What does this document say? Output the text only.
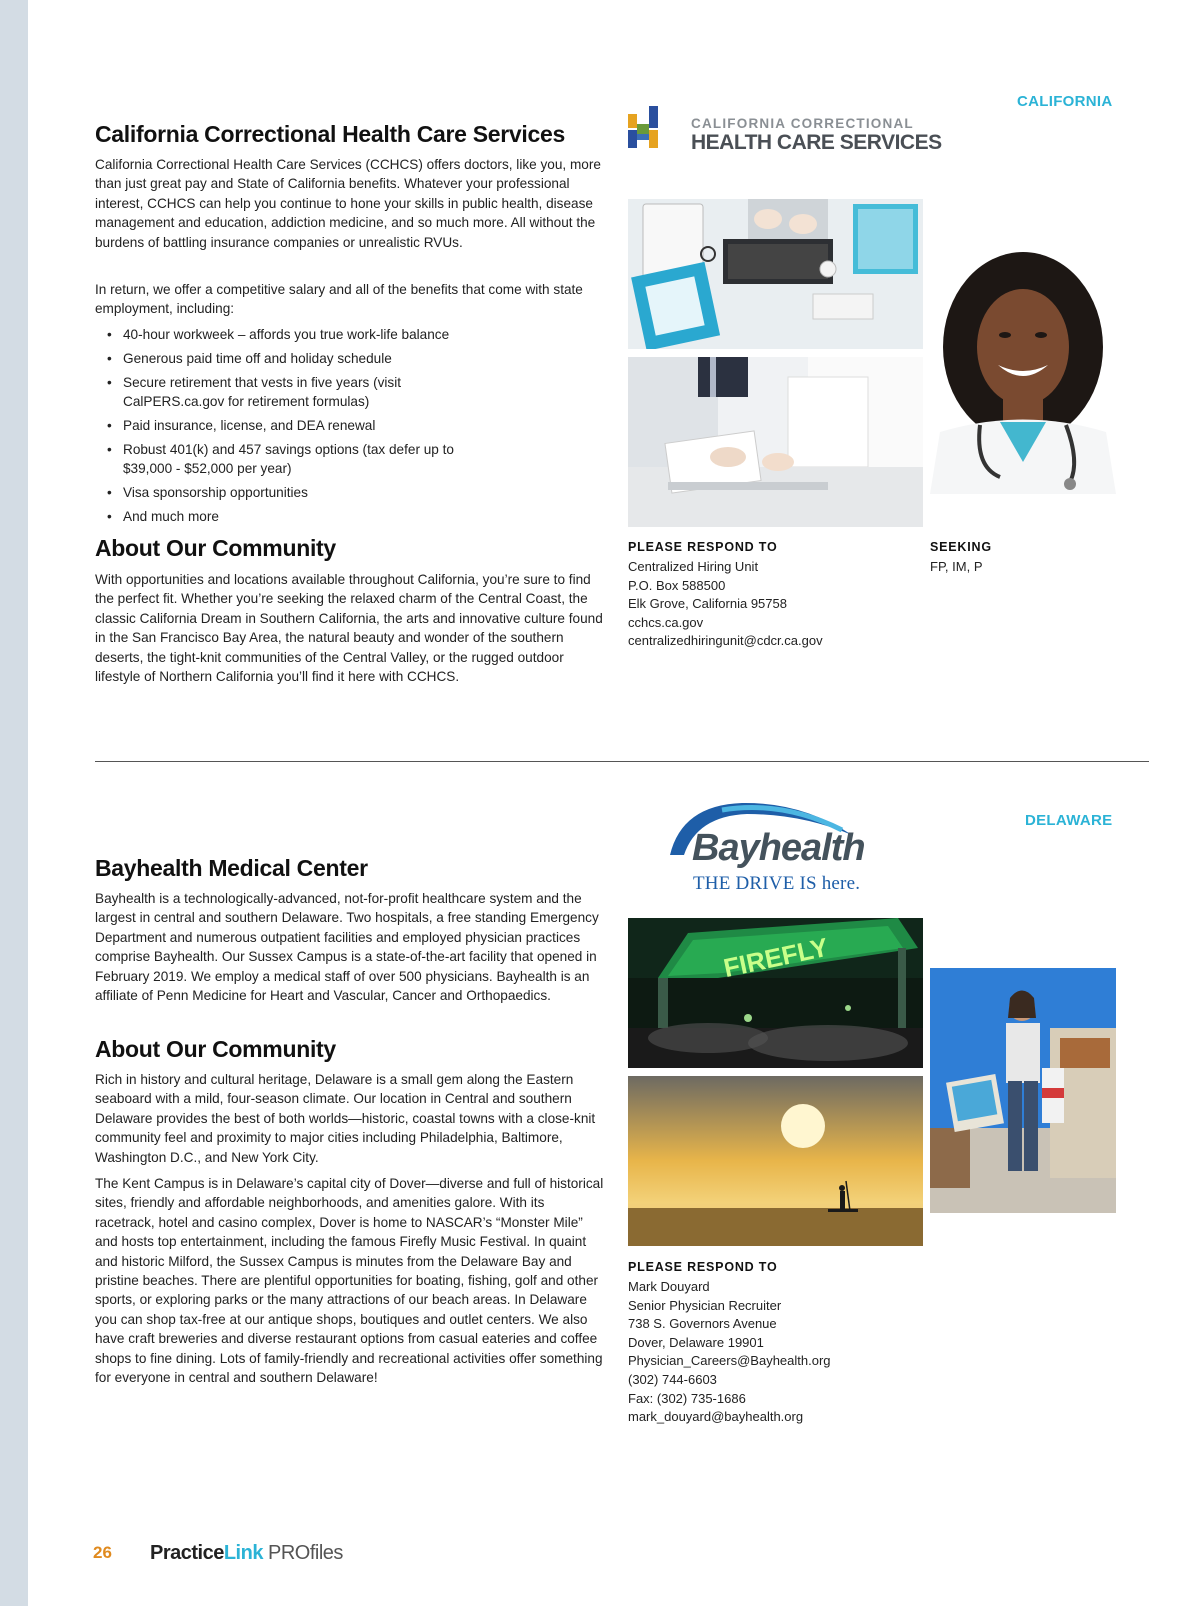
CALIFORNIA
CALIFORNIA CORRECTIONAL
HEALTH CARE SERVICES
California Correctional Health Care Services
California Correctional Health Care Services (CCHCS) offers doctors, like you, more than just great pay and State of California benefits. Whatever your professional interest, CCHCS can help you continue to hone your skills in public health, disease management and education, addiction medicine, and so much more. All without the burdens of battling insurance companies or unrealistic RVUs.
In return, we offer a competitive salary and all of the benefits that come with state employment, including:
• 40-hour workweek – affords you true work-life balance
• Generous paid time off and holiday schedule
• Secure retirement that vests in five years (visit CalPERS.ca.gov for retirement formulas)
• Paid insurance, license, and DEA renewal
• Robust 401(k) and 457 savings options (tax defer up to $39,000 - $52,000 per year)
• Visa sponsorship opportunities
• And much more
About Our Community
With opportunities and locations available throughout California, you’re sure to find the perfect fit. Whether you’re seeking the relaxed charm of the Central Coast, the classic California Dream in Southern California, the arts and innovative culture found in the San Francisco Bay Area, the natural beauty and wonder of the southern deserts, the tight-knit communities of the Central Valley, or the rugged outdoor lifestyle of Northern California you’ll find it here with CCHCS.
PLEASE RESPOND TO
Centralized Hiring Unit
P.O. Box 588500
Elk Grove, California 95758
cchcs.ca.gov
centralizedhiringunit@cdcr.ca.gov
SEEKING
FP, IM, P
DELAWARE
Bayhealth
THE DRIVE IS here.
Bayhealth Medical Center
Bayhealth is a technologically-advanced, not-for-profit healthcare system and the largest in central and southern Delaware. Two hospitals, a free standing Emergency Department and numerous outpatient facilities and employed physician practices comprise Bayhealth. Our Sussex Campus is a state-of-the-art facility that opened in February 2019. We employ a medical staff of over 500 physicians. Bayhealth is an affiliate of Penn Medicine for Heart and Vascular, Cancer and Orthopaedics.
About Our Community
Rich in history and cultural heritage, Delaware is a small gem along the Eastern seaboard with a mild, four-season climate. Our location in Central and southern Delaware provides the best of both worlds—historic, coastal towns with a close-knit community feel and proximity to major cities including Philadelphia, Baltimore, Washington D.C., and New York City.
The Kent Campus is in Delaware’s capital city of Dover—diverse and full of historical sites, friendly and affordable neighborhoods, and amenities galore. With its racetrack, hotel and casino complex, Dover is home to NASCAR’s “Monster Mile” and hosts top entertainment, including the famous Firefly Music Festival. In quaint and historic Milford, the Sussex Campus is minutes from the Delaware Bay and pristine beaches. There are plentiful opportunities for boating, fishing, golf and other sports, or exploring parks or the many attractions of our beach areas. In Delaware you can shop tax-free at our antique shops, boutiques and outlet centers. We also have craft breweries and diverse restaurant options from casual eateries and coffee shops to fine dining. Lots of family-friendly and recreational activities offer something for everyone in central and southern Delaware!
FIREFLY
PLEASE RESPOND TO
Mark Douyard
Senior Physician Recruiter
738 S. Governors Avenue
Dover, Delaware 19901
Physician_Careers@Bayhealth.org
(302) 744-6603
Fax: (302) 735-1686
mark_douyard@bayhealth.org
26 PracticeLink PROfiles
